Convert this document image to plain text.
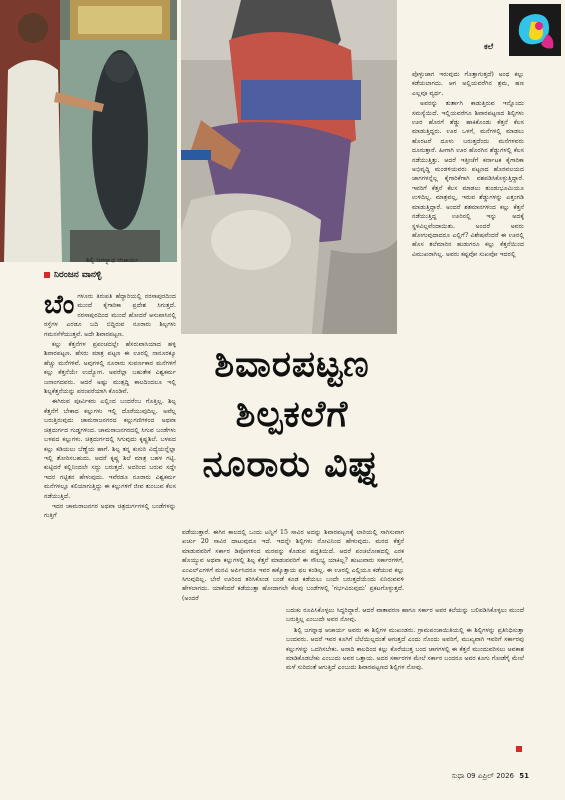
ಕಲೆ
ಶಿಲ್ಪಿ ಜಗನ್ನಾಥ ಆಚಾರ್ಯ
ನಿರಂಜನ ವಾನಳ್ಳಿ
ಶಿವಾರಪಟ್ಟಣ
ಶಿಲ್ಪಕಲೆಗೆ
ನೂರಾರು ವಿಘ್ನ

ಬೆಂಗಳೂರು ತಿರುಪತಿ ಹೆದ್ದಾರಿಯಲ್ಲಿ ನರಸಾಪುರದಿಂದ ಮುಂದೆ ಕೈಗಾರಿಕಾ ಪ್ರದೇಶ ಸಿಗುತ್ತದೆ. ನರಸಾಪುರದಿಂದ ಮುಂದೆ ಹೋದರೆ ಆಸುಪಾಸಿನಲ್ಲಿ ರಸ್ತೆಗಳ ಎರಡೂ ಬದಿ ಬಿದ್ದಿರುವ ನೂರಾರು ಶಿಲ್ಪಗಳು ಗಮನಸೆಳೆಯುತ್ತವೆ. ಅದೇ ಶಿವಾರಪಟ್ಟಣ.

ಕಲ್ಲು ಕೆತ್ತನೆಗಳ ಪ್ರಪಂಚದಲ್ಲೇ ಹೆಸರುವಾಸಿಯಾದ ಹಳ್ಳಿ ಶಿವಾರಪಟ್ಟಣ. ಹೆಸರು ಮಾತ್ರ ಪಟ್ಟಣ ಈ ಊರಲ್ಲಿ ನಾನೂರಕ್ಕೂ ಹೆಚ್ಚು ಮನೆಗಳಿವೆ. ಅವುಗಳಲ್ಲಿ ನೂರಾರು ಸುವರ್ಣಕಾರ ಮನೆಗಳಿಗೆ ಕಲ್ಲು ಕೆತ್ತನೆಯೇ ಉದ್ಯೋಗ. ಅವರೆಲ್ಲಾ ಬಹುತೇಕ ವಿಶ್ವಕರ್ಮ ಜನಾಂಗದವರು. ಆದರೆ ಅಷ್ಟು ಮುತ್ಸದ್ದಿ ಕಾಲದಿಂದಲೂ ಇಲ್ಲಿ ಶಿಲ್ಪಕೆತ್ತನೆಯನ್ನು ಪರಂಪರೆಯಾಗಿ ಕೊಂಡಿವೆ.

ಈಗಿರುವ ಪೂರ್ವಿಕರು ಎಲ್ಲಿಂದ ಬಂದರೆಂಬ ಗೊತ್ತಿಲ್ಲ. ಶಿಲ್ಪ ಕೆತ್ತನೆಗೆ ಬೇಕಾದ ಕಲ್ಲುಗಳು ಇಲ್ಲಿ ದೊರೆಯುವುದಿಲ್ಲ. ಅವೆಲ್ಲ ಬರುತ್ತಿರುವುದು ಚಾಮರಾಜನಗರದ ಕಲ್ಲುಗಣಿಗಳಿಂದ ಅಥವಾ ಚಿತ್ರದುರ್ಗದ ಗುಡ್ಡಗಳಿಂದ. ಚಾಮರಾಜನಗರದಲ್ಲಿ ಸಿಗುವ ಬಂಡೆಗಳು ಬಳಪದ ಕಲ್ಲುಗಳು. ಚಿತ್ರದುರ್ಗದಲ್ಲಿ ಸಿಗುವುದು ಕೃಷ್ಣಶಿಲೆ. ಬಳಪದ ಕಲ್ಲು ಕಡಿಯಲು ಬೆಣ್ಣೆಯ ಹಾಗೆ. ಶಿಲ್ಪ ತನ್ನ ಕುಸುರಿ ವಿದ್ಯೆಯನ್ನೆಲ್ಲಾ ಇಲ್ಲಿ ತೋರಿಸಬಹುದು. ಆದರೆ ಕೃಷ್ಣ ಶಿಲೆ ಮಾತ್ರ ಬಹಳ ಗಟ್ಟಿ. ಕುಟ್ಟಿದರೆ ಕಲ್ಲಿನಿಂದಲೇ ಸದ್ದು ಬರುತ್ತದೆ. ಅದರಿಂದ ಬರುವ ಸದ್ದೇ ಇದರ ಗಟ್ಟಿತನ ಹೇಳುವುದು. ಇವೆರಡೂ ನೂರಾರು ವಿಶ್ವಕರ್ಮ ಮನೆಗಳಲ್ಲೂ ಕಲಿಯಾಗುತ್ತಿದ್ದು ಈ ಕಲ್ಲುಗಳಿಗೆ ಜೀವ ತುಂಬುವ ಕೆಲಸ ನಡೆಯುತ್ತಿದೆ.

ಇದರ ಚಾಮರಾಜನಗರ ಅಥವಾ ಚಿತ್ರದುರ್ಗಗಳಲ್ಲಿ ಬಂಡೆಗಳನ್ನು ಗುತ್ತಿಗೆ

ಪಡೆಯುತ್ತಾರೆ. ಈಗಿನ ಕಾಲದಲ್ಲಿ ಒಂದು ಟನ್ನಿಗೆ 15 ಸಾವಿರ ಅದನ್ನು ಶಿವಾರಪಟ್ಟಣಕ್ಕೆ ಲಾರಿಯಲ್ಲಿ ಸಾಗಿಸುವಾಗ ಖರ್ಚು 20 ಸಾವಿರ ದಾಟುವುದೂ ಇದೆ. ಇದನ್ನೇ ಶಿಲ್ಪಿಗಳು ನೋವಿನಿಂದ ಹೇಳುವುದು. ಮರದ ಕೆತ್ತನೆ ಮಾಡುವವರಿಗೆ ಸರ್ಕಾರ ಡಿಪೋಗಳಿಂದ ಮರವನ್ನು ಕೊಡುವ ಪದ್ಧತಿಯಿದೆ. ಆದರೆ ಪಂಚಲೋಹದಲ್ಲಿ ಎರಕ ಹೊಯ್ಯುವ ಅಥವಾ ಕಲ್ಲುಗಳಲ್ಲಿ ಶಿಲ್ಪ ಕೆತ್ತನೆ ಮಾಡುವವರಿಗೆ ಈ ಸೌಲಭ್ಯ ಯಾಕಿಲ್ಲ? ಹುಟುವಾರು ಸರ್ಕಾರಗಳಿಗೆ, ಎಂಎಲ್‌ಎಗಳಿಗೆ ಮನವಿ ಅರ್ಪಿಸಿದರೂ ಇವರ ಹಕ್ಕೊತ್ತಾಯ ಫಲ ಕಂಡಿಲ್ಲ. ಈ ಊರಲ್ಲಿ ಎಲ್ಲಿಯೂ ಕಡೆಯುವ ಕಲ್ಲು ಸಿಗುವುದಿಲ್ಲ. ಬೇರೆ ಊರಿಂದ ತರಿಸಿಕೊಂಡ ಬಂಡೆ ಕೂಡ ಕಡೆಯಲು ಬಂದೇ ಬರುತ್ತದೆಯೆಂದು ಏನಿರುವವಳಿ ಹೇಳಲಾಗದು. ಯಾಕೆಂದರೆ ಕಡೆಯುತ್ತಾ ಹೋದಾಗಲೇ ಕೆಲವು ಬಂಡೆಗಳಲ್ಲಿ 'ಗರ್ಭವಿರುವುದು' ಪ್ರಕಟಗೊಳ್ಳುತ್ತದೆ. (ಅಂದರೆ

ಪೊಳ್ಳುಜಾಗ ಇರುವುದು ಗೊತ್ತಾಗುತ್ತದೆ) ಅಂಥ ಕಲ್ಲು ಕಡೆಯಲಾಗದು. ಆಗ ಅಲ್ಲಿಯವರೆಗಿನ ಶ್ರಮ, ಹಣ ಎಲ್ಲವೂ ವ್ಯರ್ಥ.

ಅವರನ್ನು ತುರ್ತಾಗಿ ಕಾಡುತ್ತಿರುವ ಇನ್ನೊಂದು ಸಮಸ್ಯೆಯಿದೆ. ಇಲ್ಲಿಯವರೆಗೂ ಶಿವಾರಪಟ್ಟಣದ ಶಿಲ್ಪಿಗಳು ಊರ ಹೊರಗೆ ಶೆಡ್ಡು ಹಾಕಿಕೊಂಡು ಕೆತ್ತನೆ ಕೆಲಸ ಮಾಡುತ್ತಿದ್ದರು. ಊರ ಒಳಗೆ, ಮನೆಗಳಲ್ಲಿ ಮಾಡಲು ಹೊರಟರೆ ದೂಳು ಬರುತ್ತದೆಂದು ಮನೆಗಳವರು ದೂರುತ್ತಾರೆ. ಹೀಗಾಗಿ ಊರ ಹೊರಗಿನ ಶೆಡ್ಡುಗಳಲ್ಲಿ ಕೆಲಸ ನಡೆಯುತ್ತಿತ್ತು. ಆದರೆ ಇತ್ತೀಚೆಗೆ ಕರ್ನಾಟಕ ಕೈಗಾರಿಕಾ ಅಭಿವೃದ್ಧಿ ಮಂಡಳಿಯವರು ಪಟ್ಟಣದ ಹೊರವಲಯದ ಜಾಗಗಳನ್ನೆಲ್ಲ ಕೈಗಾರಿಕೆಗಾಗಿ ವಶಪಡಿಸಿಕೊಳ್ಳುತ್ತಿದ್ದಾರೆ. ಇವರಿಗೆ ಕೆತ್ತನೆ ಕೆಲಸ ಮಾಡಲು ತುಂಡುಭೂಮಿಯೂ ಉಳಿದಿಲ್ಲ. ಮಾತ್ರವಲ್ಲ, ಇರುವ ಶೆಡ್ಡುಗಳನ್ನು ಎತ್ತಂಗಡಿ ಮಾಡುತ್ತಿದ್ದಾರೆ. ಅಂದರೆ ಶತಮಾನಗಳಿಂದ ಕಲ್ಲು ಕೆತ್ತನೆ ನಡೆಯುತ್ತಿದ್ದ ಊರಿನಲ್ಲಿ ಇನ್ನು ಅದಕ್ಕೆ ಸ್ಥಳವಿಲ್ಲವೆಂದಾಯಿತು. ಅಂದರೆ ಅವರು ಹೋಗುವುದಾದರೂ ಎಲ್ಲಿಗೆ? ವಿಶೇಷವೆಂದರೆ ಈ ಊರಲ್ಲಿ ಹೊಸ ತಲೆಮಾರಿನ ಹುಡುಗರೂ ಕಲ್ಲು ಕೆತ್ತನೆಯಿಂದ ವಿಮುಖರಾಗಿಲ್ಲ. ಅವರು ಕಷ್ಟವೋ ಸುಖವೋ ಇದರಲ್ಲಿ

ಬದುಕು ರೂಪಿಸಿಕೊಳ್ಳಲು ಸಿದ್ಧರಿದ್ದಾರೆ. ಆದರೆ ವಾತಾವರಣ ಹಾಗೂ ಸರ್ಕಾರ ಅವರ ಕಲೆಯನ್ನು ಬಲಿಪಡಿಸಿಕೊಳ್ಳಲು ಮುಂದೆ ಬರುತ್ತಿಲ್ಲ ಎಂಬುದೇ ಅವರ ನೋವು.

ಶಿಲ್ಪಿ ಜಗನ್ನಾಥ ಆಚಾರ್ಯ ಅವರು ಈ ಶಿಲ್ಪಿಗಳ ಮುಖಂಡರು. ಗ್ರಾಮಪಂಚಾಯಿತಿಯಲ್ಲಿ ಈ ಶಿಲ್ಪಿಗಳನ್ನು ಪ್ರತಿನಿಧಿಸುತ್ತಾ ಬಂದವರು. ಆದರೆ ಇವರ ಕೂಗಿಗೆ ಬೆಲೆಯಿಲ್ಲದಂತೆ ಆಗುತ್ತದೆ ಎಂದು ನೊಂದು ಅವರಿಗೆ, ಮುಖ್ಯವಾಗಿ ಇವರಿಗೆ ಸರ್ಕಾರವು ಕಲ್ಲುಗಳನ್ನು ಒದಗಿಸಬೇಕು. ಅನಾದಿ ಕಾಲದಿಂದ ಕಲ್ಲು ಕೊರೆಯುತ್ತ ಬಂದ ಜಾಗಗಳಲ್ಲಿ ಈ ಕೆತ್ತನೆ ಮುಂದುವರಿಸಲು ಅವಕಾಶ ಮಾಡಿಕೊಡಬೇಕು ಎಂಬುದು ಅವರ ಒತ್ತಾಯ. ಅದರ ಸರ್ಕಾರಗಳ ಮೇಲೆ ಸರ್ಕಾರ ಬಂದರೂ ಅವರ ಕೂಗು ಗೋಡೆಗೈ ಮೇಲೆ ಮಳೆ ಸುರಿದಂತೆ ಆಗುತ್ತಿದೆ ಎಂಬುದು ಶಿವಾರಪಟ್ಟಣದ ಶಿಲ್ಪಿಗಳ ನೋವು.

ಸುಧಾ 09 ಏಪ್ರಿಲ್ 2026 51
